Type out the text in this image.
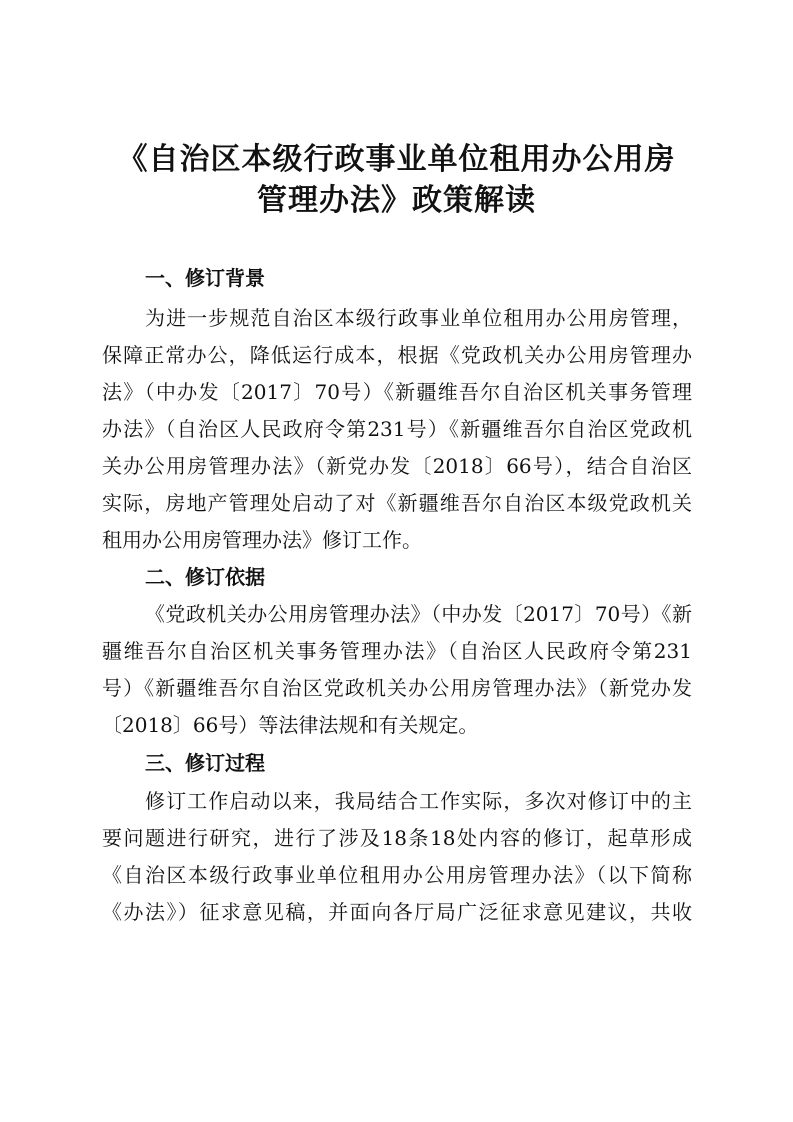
《自治区本级行政事业单位租用办公用房
管理办法》政策解读
一、修订背景

为进一步规范自治区本级行政事业单位租用办公用房管理，

保障正常办公，降低运行成本，根据《党政机关办公用房管理办

法》（中办发〔2017〕70号）《新疆维吾尔自治区机关事务管理

办法》（自治区人民政府令第231号）《新疆维吾尔自治区党政机

关办公用房管理办法》（新党办发〔2018〕66号），结合自治区

实际，房地产管理处启动了对《新疆维吾尔自治区本级党政机关

租用办公用房管理办法》修订工作。

二、修订依据

《党政机关办公用房管理办法》（中办发〔2017〕70号）《新

疆维吾尔自治区机关事务管理办法》（自治区人民政府令第231

号）《新疆维吾尔自治区党政机关办公用房管理办法》（新党办发

〔2018〕66号）等法律法规和有关规定。

三、修订过程

修订工作启动以来，我局结合工作实际，多次对修订中的主

要问题进行研究，进行了涉及18条18处内容的修订，起草形成

《自治区本级行政事业单位租用办公用房管理办法》（以下简称

《办法》）征求意见稿，并面向各厅局广泛征求意见建议，共收
